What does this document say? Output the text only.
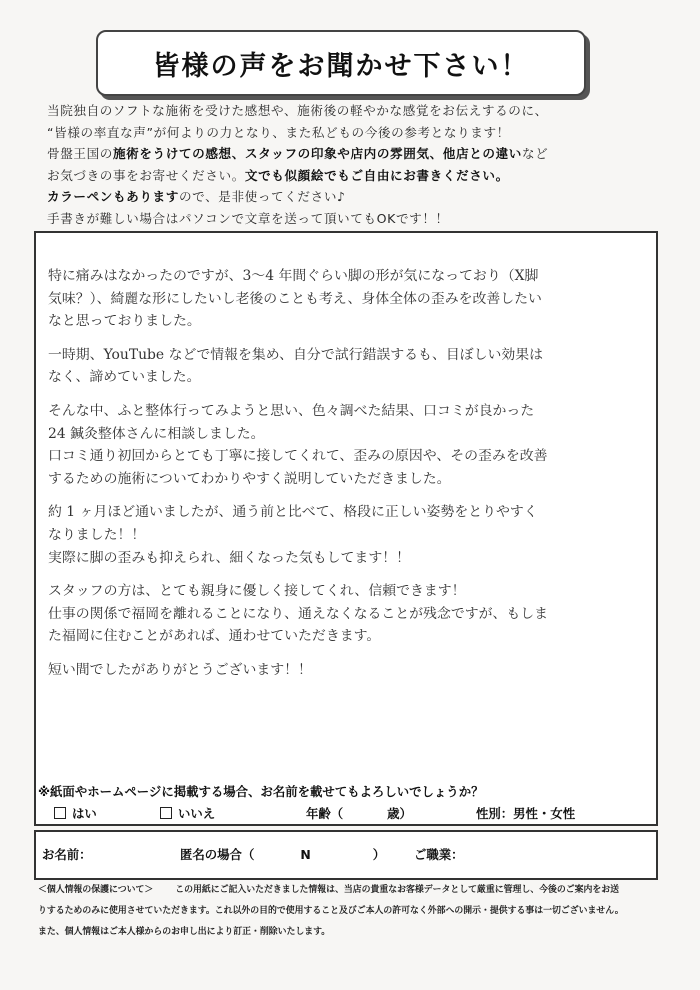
皆様の声をお聞かせ下さい！
当院独自のソフトな施術を受けた感想や、施術後の軽やかな感覚をお伝えするのに、
“皆様の率直な声”が何よりの力となり、また私どもの今後の参考となります！
骨盤王国の施術をうけての感想、スタッフの印象や店内の雰囲気、他店との違いなど
お気づきの事をお寄せください。文でも似顔絵でもご自由にお書きください。
カラーペンもありますので、是非使ってください♪
手書きが難しい場合はパソコンで文章を送って頂いてもOKです！！
特に痛みはなかったのですが、3～4 年間ぐらい脚の形が気になっており（X脚
気味？）、綺麗な形にしたいし老後のことも考え、身体全体の歪みを改善したい
なと思っておりました。
一時期、YouTube などで情報を集め、自分で試行錯誤するも、目ぼしい効果は
なく、諦めていました。
そんな中、ふと整体行ってみようと思い、色々調べた結果、口コミが良かった
24 鍼灸整体さんに相談しました。
口コミ通り初回からとても丁寧に接してくれて、歪みの原因や、その歪みを改善
するための施術についてわかりやすく説明していただきました。
約 1 ヶ月ほど通いましたが、通う前と比べて、格段に正しい姿勢をとりやすく
なりました！！
実際に脚の歪みも抑えられ、細くなった気もしてます！！
スタッフの方は、とても親身に優しく接してくれ、信頼できます！
仕事の関係で福岡を離れることになり、通えなくなることが残念ですが、もしま
た福岡に住むことがあれば、通わせていただきます。
短い間でしたがありがとうございます！！
※紙面やホームページに掲載する場合、お名前を載せてもよろしいでしょうか？
はい	いいえ	年齢（	歳）	性別：男性・女性
お名前：	匿名の場合（	N	） ご職業：
＜個人情報の保護について＞ この用紙にご記入いただきました情報は、当店の貴重なお客様データとして厳重に管理し、今後のご案内をお送
りするためのみに使用させていただきます。これ以外の目的で使用すること及びご本人の許可なく外部への開示・提供する事は一切ございません。
また、個人情報はご本人様からのお申し出により訂正・削除いたします。
